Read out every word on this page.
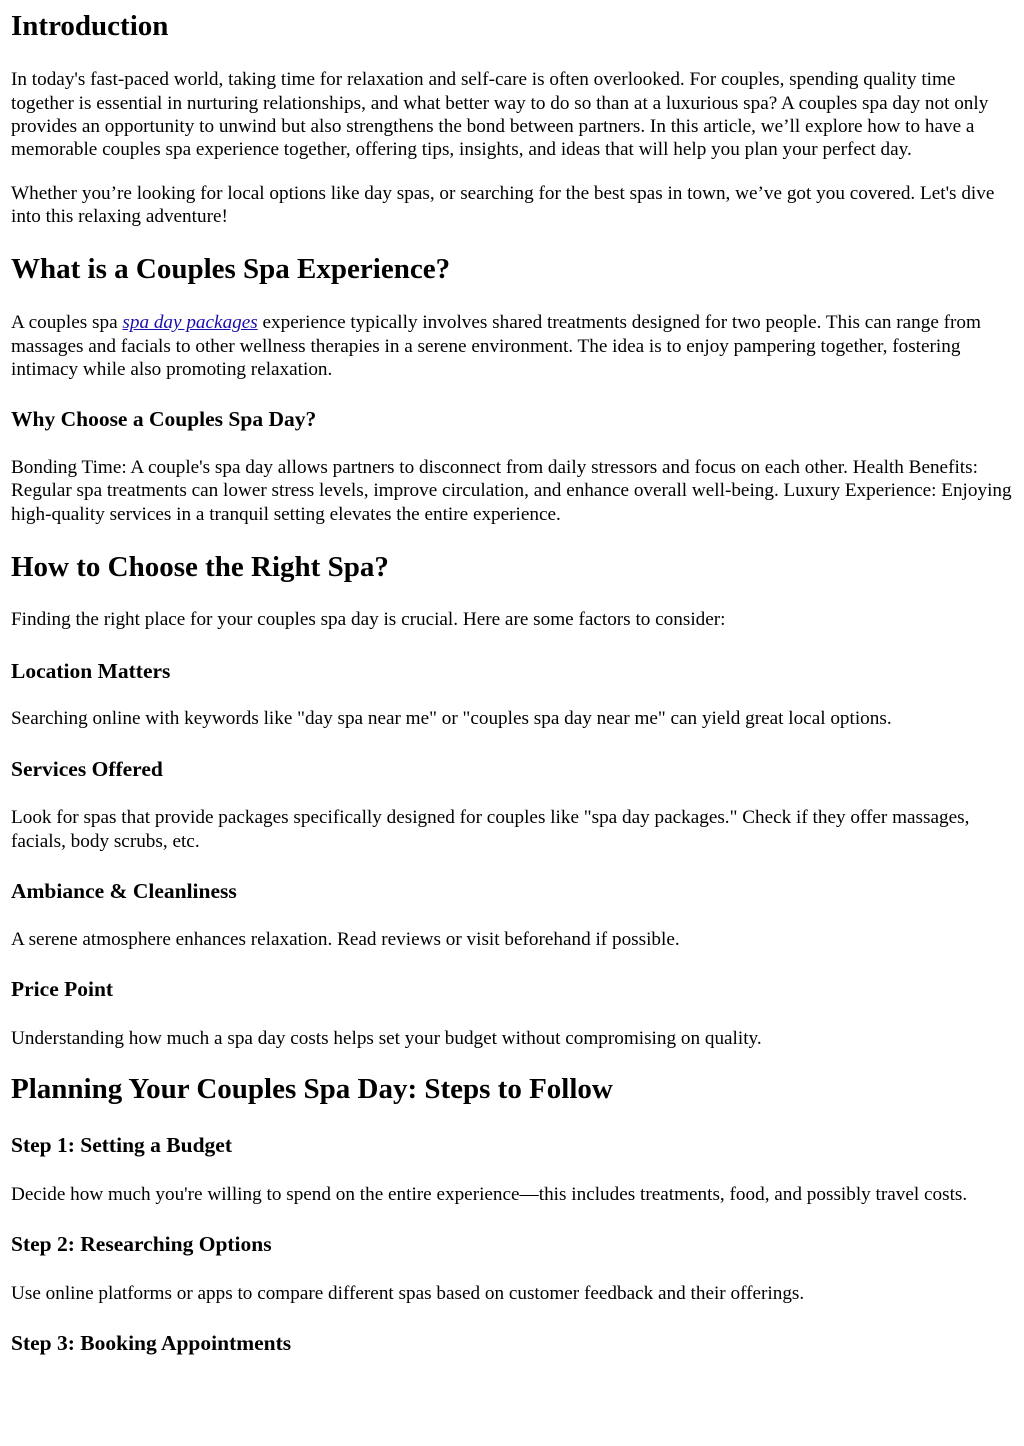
Introduction

In today's fast-paced world, taking time for relaxation and self-care is often overlooked. For couples, spending quality time together is essential in nurturing relationships, and what better way to do so than at a luxurious spa? A couples spa day not only provides an opportunity to unwind but also strengthens the bond between partners. In this article, we’ll explore how to have a memorable couples spa experience together, offering tips, insights, and ideas that will help you plan your perfect day.

Whether you’re looking for local options like day spas, or searching for the best spas in town, we’ve got you covered. Let's dive into this relaxing adventure!

What is a Couples Spa Experience?

A couples spa spa day packages experience typically involves shared treatments designed for two people. This can range from massages and facials to other wellness therapies in a serene environment. The idea is to enjoy pampering together, fostering intimacy while also promoting relaxation.

Why Choose a Couples Spa Day?

Bonding Time: A couple's spa day allows partners to disconnect from daily stressors and focus on each other. Health Benefits: Regular spa treatments can lower stress levels, improve circulation, and enhance overall well-being. Luxury Experience: Enjoying high-quality services in a tranquil setting elevates the entire experience.

How to Choose the Right Spa?

Finding the right place for your couples spa day is crucial. Here are some factors to consider:

Location Matters

Searching online with keywords like "day spa near me" or "couples spa day near me" can yield great local options.

Services Offered

Look for spas that provide packages specifically designed for couples like "spa day packages." Check if they offer massages, facials, body scrubs, etc.

Ambiance & Cleanliness

A serene atmosphere enhances relaxation. Read reviews or visit beforehand if possible.

Price Point

Understanding how much a spa day costs helps set your budget without compromising on quality.

Planning Your Couples Spa Day: Steps to Follow
Step 1: Setting a Budget

Decide how much you're willing to spend on the entire experience—this includes treatments, food, and possibly travel costs.

Step 2: Researching Options

Use online platforms or apps to compare different spas based on customer feedback and their offerings.

Step 3: Booking Appointments
